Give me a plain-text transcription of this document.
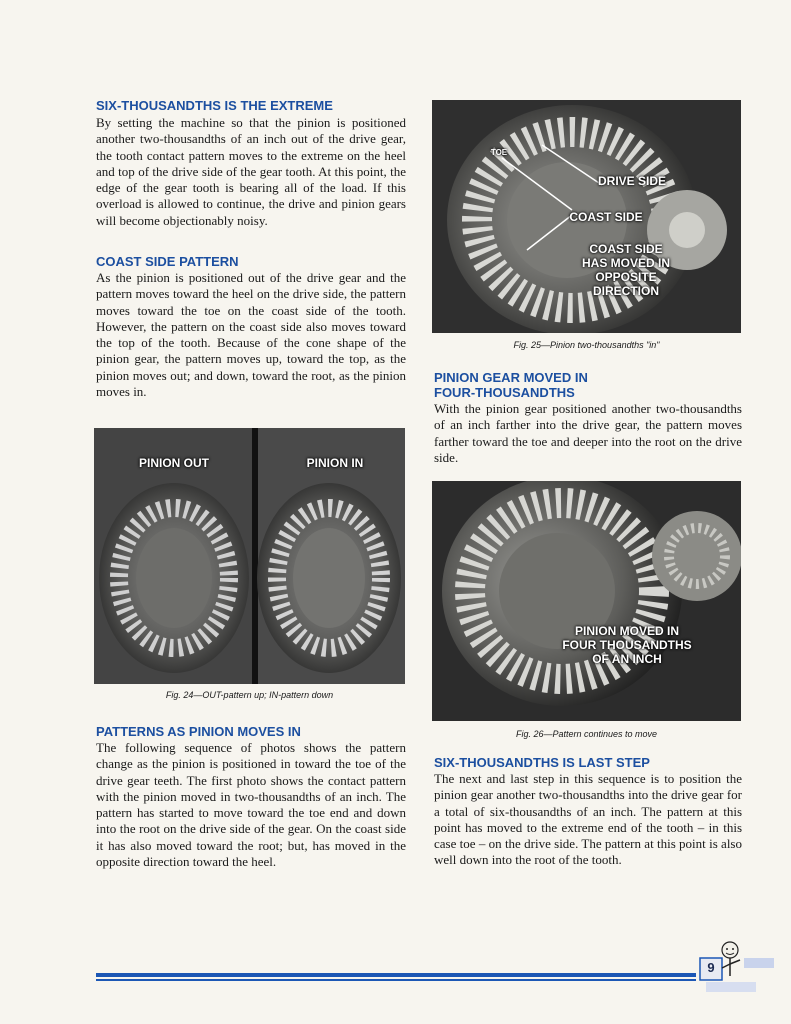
SIX-THOUSANDTHS IS THE EXTREME

By setting the machine so that the pinion is positioned another two-thousandths of an inch out of the drive gear, the tooth contact pattern moves to the extreme on the heel and top of the drive side of the gear tooth. At this point, the edge of the gear tooth is bearing all of the load. If this overload is allowed to continue, the drive and pinion gears will become objectionably noisy.

COAST SIDE PATTERN

As the pinion is positioned out of the drive gear and the pattern moves toward the heel on the drive side, the pattern moves toward the toe on the coast side of the tooth. However, the pattern on the coast side also moves toward the top of the tooth. Because of the cone shape of the pinion gear, the pattern moves up, toward the top, as the pinion moves out; and down, toward the root, as the pinion moves in.

PINION OUT	PINION IN

Fig. 24—OUT-pattern up; IN-pattern down

PATTERNS AS PINION MOVES IN

The following sequence of photos shows the pattern change as the pinion is positioned in toward the toe of the drive gear teeth. The first photo shows the contact pattern with the pinion moved in two-thousandths of an inch. The pattern has started to move toward the toe end and down into the root on the drive side of the gear. On the coast side it has also moved toward the root; but, has moved in the opposite direction toward the heel.

TOE
DRIVE SIDE
COAST SIDE
COAST SIDE
HAS MOVED IN
OPPOSITE
DIRECTION

Fig. 25—Pinion two-thousandths "in"

PINION GEAR MOVED IN
FOUR-THOUSANDTHS

With the pinion gear positioned another two-thousandths of an inch farther into the drive gear, the pattern moves farther toward the toe and deeper into the root on the drive side.

PINION MOVED IN
FOUR THOUSANDTHS
OF AN INCH

Fig. 26—Pattern continues to move

SIX-THOUSANDTHS IS LAST STEP

The next and last step in this sequence is to position the pinion gear another two-thousandths into the drive gear for a total of six-thousandths of an inch. The pattern at this point has moved to the extreme end of the tooth – in this case toe – on the drive side. The pattern at this point is also well down into the root of the tooth.

9
